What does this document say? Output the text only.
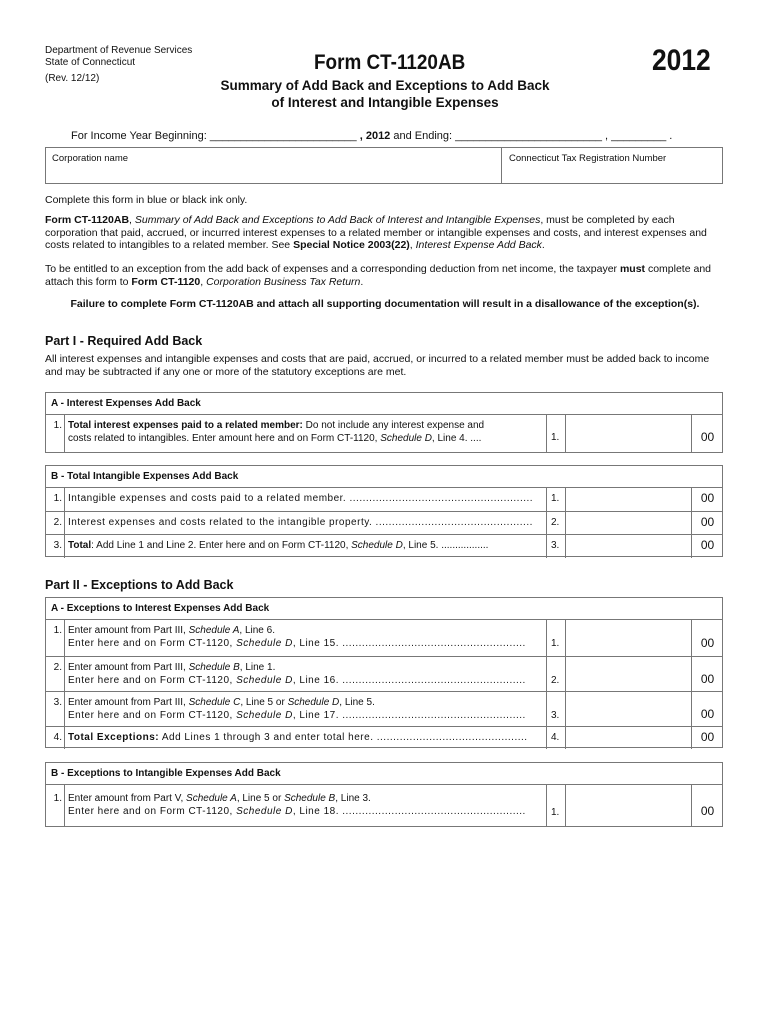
Department of Revenue Services
State of Connecticut
(Rev. 12/12)
Form CT-1120AB	2012
Summary of Add Back and Exceptions to Add Back
of Interest and Intangible Expenses
For Income Year Beginning: ________________________ , 2012 and Ending: ________________________ , _________ .
Corporation name	Connecticut Tax Registration Number
Complete this form in blue or black ink only.
Form CT-1120AB, Summary of Add Back and Exceptions to Add Back of Interest and Intangible Expenses, must be completed by each corporation that paid, accrued, or incurred interest expenses to a related member or intangible expenses and costs, and interest expenses and costs related to intangibles to a related member. See Special Notice 2003(22), Interest Expense Add Back.
To be entitled to an exception from the add back of expenses and a corresponding deduction from net income, the taxpayer must complete and attach this form to Form CT-1120, Corporation Business Tax Return.
Failure to complete Form CT-1120AB and attach all supporting documentation will result in a disallowance of the exception(s).
Part I - Required Add Back
All interest expenses and intangible expenses and costs that are paid, accrued, or incurred to a related member must be added back to income and may be subtracted if any one or more of the statutory exceptions are met.
A - Interest Expenses Add Back
1. Total interest expenses paid to a related member: Do not include any interest expense and
costs related to intangibles. Enter amount here and on Form CT-1120, Schedule D, Line 4. ....	1.	00
B - Total Intangible Expenses Add Back
1. Intangible expenses and costs paid to a related member. ........................................................	1.	00
2. Interest expenses and costs related to the intangible property. ................................................	2.	00
3. Total: Add Line 1 and Line 2. Enter here and on Form CT-1120, Schedule D, Line 5. .................	3.	00
Part II - Exceptions to Add Back
A - Exceptions to Interest Expenses Add Back
1. Enter amount from Part III, Schedule A, Line 6.
Enter here and on Form CT-1120, Schedule D, Line 15. ........................................................	1.	00
2. Enter amount from Part III, Schedule B, Line 1.
Enter here and on Form CT-1120, Schedule D, Line 16. ........................................................	2.	00
3. Enter amount from Part III, Schedule C, Line 5 or Schedule D, Line 5.
Enter here and on Form CT-1120, Schedule D, Line 17. ........................................................	3.	00
4. Total Exceptions: Add Lines 1 through 3 and enter total here. ..............................................	4.	00
B - Exceptions to Intangible Expenses Add Back
1. Enter amount from Part V, Schedule A, Line 5 or Schedule B, Line 3.
Enter here and on Form CT-1120, Schedule D, Line 18. ........................................................	1.	00
